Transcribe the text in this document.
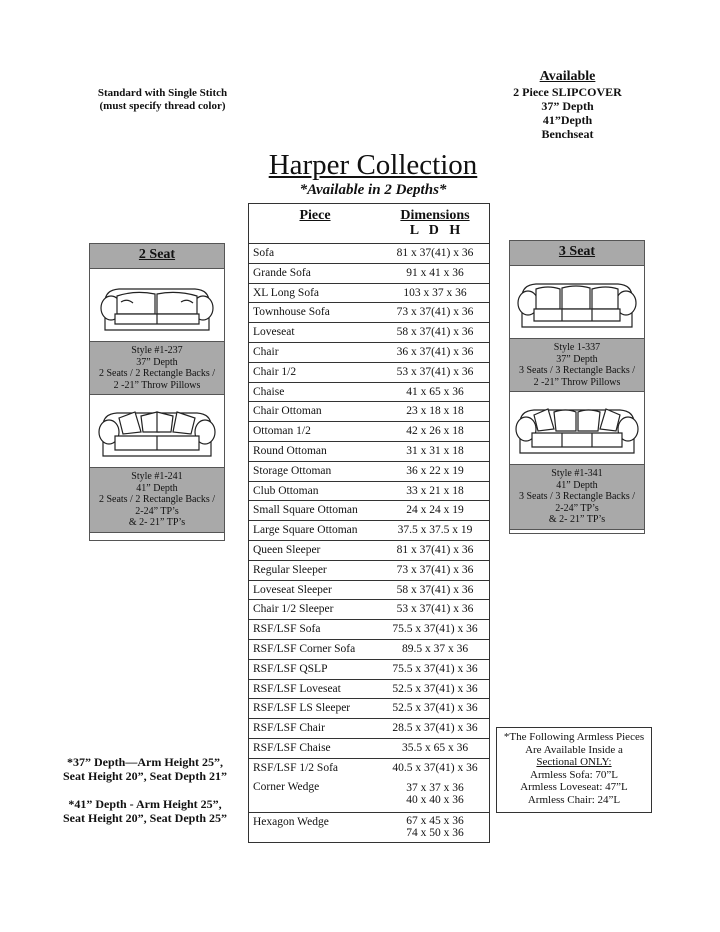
Standard with Single Stitch
(must specify thread color)
Available
2 Piece SLIPCOVER
37” Depth
41”Depth
Benchseat
Harper Collection
*Available in 2 Depths*
Piece	Dimensions
L   D   H
Sofa	81 x 37(41) x 36
Grande Sofa	91 x 41 x 36
XL Long Sofa	103 x 37 x 36
Townhouse Sofa	73 x 37(41) x 36
Loveseat	58 x 37(41) x 36
Chair	36 x 37(41) x 36
Chair 1/2	53 x 37(41) x 36
Chaise	41 x 65 x 36
Chair Ottoman	23 x 18 x 18
Ottoman 1/2	42 x 26 x 18
Round Ottoman	31 x 31 x 18
Storage Ottoman	36 x 22 x 19
Club Ottoman	33 x 21 x 18
Small Square Ottoman	24 x 24 x 19
Large Square Ottoman	37.5 x 37.5 x 19
Queen Sleeper	81 x 37(41) x 36
Regular Sleeper	73 x 37(41) x 36
Loveseat Sleeper	58 x 37(41) x 36
Chair 1/2 Sleeper	53 x 37(41) x 36
RSF/LSF Sofa	75.5 x 37(41) x 36
RSF/LSF Corner Sofa	89.5 x 37 x 36
RSF/LSF QSLP	75.5 x 37(41) x 36
RSF/LSF Loveseat	52.5 x 37(41) x 36
RSF/LSF LS Sleeper	52.5 x 37(41) x 36
RSF/LSF Chair	28.5 x 37(41) x 36
RSF/LSF Chaise	35.5 x 65 x 36
RSF/LSF 1/2 Sofa	40.5 x 37(41) x 36
Corner Wedge	37 x 37 x 36
40 x 40 x 36
Hexagon Wedge	67 x 45 x 36
74 x 50 x 36
2 Seat
Style #1-237
37” Depth
2 Seats / 2 Rectangle Backs /
2 -21” Throw Pillows
Style #1-241
41” Depth
2 Seats / 2 Rectangle Backs /
2-24” TP’s
& 2- 21” TP’s
3 Seat
Style 1-337
37” Depth
3 Seats / 3 Rectangle Backs /
2 -21” Throw Pillows
Style #1-341
41” Depth
3 Seats / 3 Rectangle Backs /
2-24” TP’s
& 2- 21” TP’s
*37” Depth—Arm Height 25”,
Seat Height 20”, Seat Depth 21”
*41” Depth - Arm Height 25”,
Seat Height 20”, Seat Depth 25”
*The Following Armless Pieces
Are Available Inside a
Sectional ONLY:
Armless Sofa: 70”L
Armless Loveseat: 47”L
Armless Chair: 24”L
